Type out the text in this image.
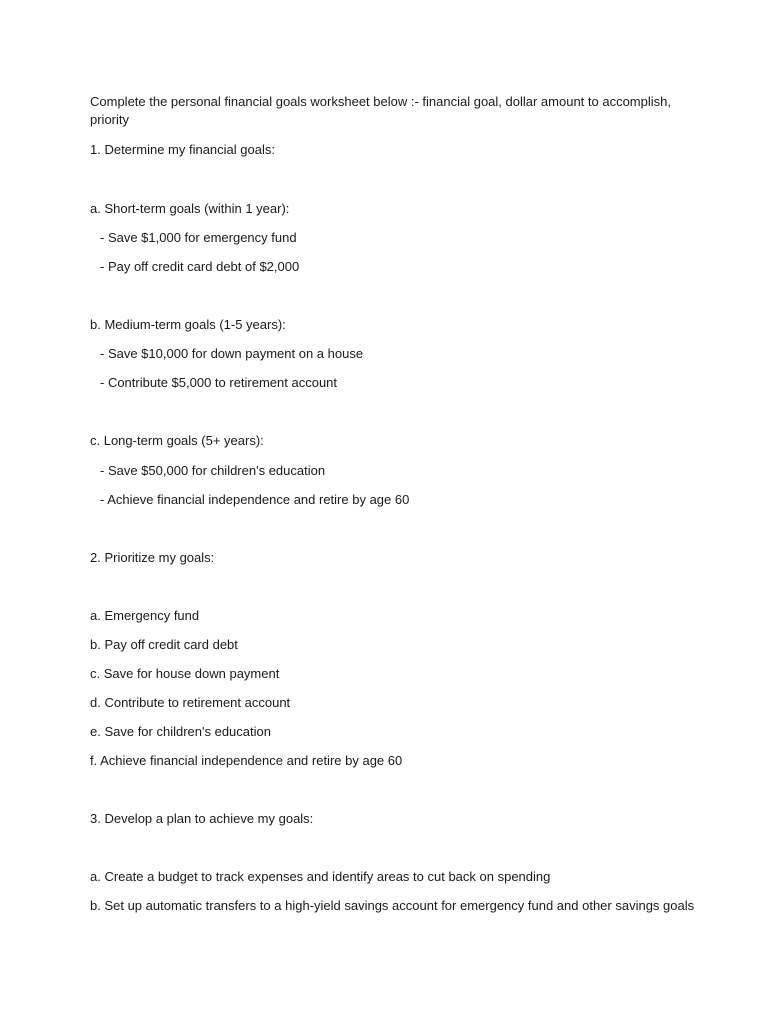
Complete the personal financial goals worksheet below :- financial goal, dollar amount to accomplish, priority
1. Determine my financial goals:
a. Short-term goals (within 1 year):
- Save $1,000 for emergency fund
- Pay off credit card debt of $2,000
b. Medium-term goals (1-5 years):
- Save $10,000 for down payment on a house
- Contribute $5,000 to retirement account
c. Long-term goals (5+ years):
- Save $50,000 for children's education
- Achieve financial independence and retire by age 60
2. Prioritize my goals:
a. Emergency fund
b. Pay off credit card debt
c. Save for house down payment
d. Contribute to retirement account
e. Save for children's education
f. Achieve financial independence and retire by age 60
3. Develop a plan to achieve my goals:
a. Create a budget to track expenses and identify areas to cut back on spending
b. Set up automatic transfers to a high-yield savings account for emergency fund and other savings goals
